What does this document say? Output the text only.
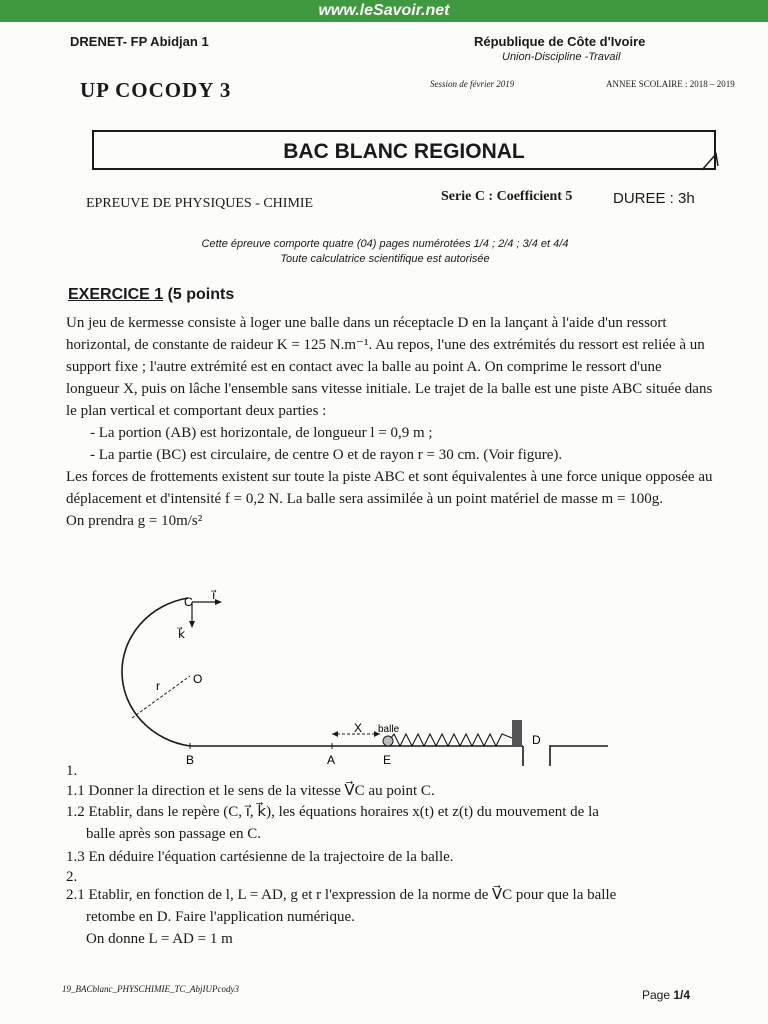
www.leSavoir.net
DRENET- FP Abidjan 1	République de Côte d'Ivoire
Union-Discipline -Travail
UP COCODY 3	Session de février 2019	ANNEE SCOLAIRE : 2018 – 2019
BAC BLANC REGIONAL
EPREUVE DE PHYSIQUES - CHIMIE	Serie C : Coefficient 5	DUREE : 3h
Cette épreuve comporte quatre (04) pages numérotées 1/4 ; 2/4 ; 3/4 et 4/4
Toute calculatrice scientifique est autorisée
EXERCICE 1 (5 points

Un jeu de kermesse consiste à loger une balle dans un réceptacle D en la lançant à l'aide d'un ressort horizontal, de constante de raideur K = 125 N.m⁻¹. Au repos, l'une des extrémités du ressort est reliée à un support fixe ; l'autre extrémité est en contact avec la balle au point A. On comprime le ressort d'une longueur X, puis on lâche l'ensemble sans vitesse initiale. Le trajet de la balle est une piste ABC située dans le plan vertical et comportant deux parties :

- La portion (AB) est horizontale, de longueur l = 0,9 m ;

- La partie (BC) est circulaire, de centre O et de rayon r = 30 cm. (Voir figure).

Les forces de frottements existent sur toute la piste ABC et sont équivalentes à une force unique opposée au déplacement et d'intensité f = 0,2 N. La balle sera assimilée à un point matériel de masse m = 100g.

On prendra g = 10m/s²

C i⃗
k⃗
r	O
B	A	E
X balle
D
1.
1.1 Donner la direction et le sens de la vitesse V⃗C au point C.
1.2 Etablir, dans le repère (C, i⃗, k⃗), les équations horaires x(t) et z(t) du mouvement de la
balle après son passage en C.
1.3 En déduire l'équation cartésienne de la trajectoire de la balle.
2.
2.1 Etablir, en fonction de l, L = AD, g et r l'expression de la norme de V⃗C pour que la balle
retombe en D. Faire l'application numérique.
On donne L = AD = 1 m
19_BACblanc_PHYSCHIMIE_TC_AbjIUPcody3	Page 1/4
